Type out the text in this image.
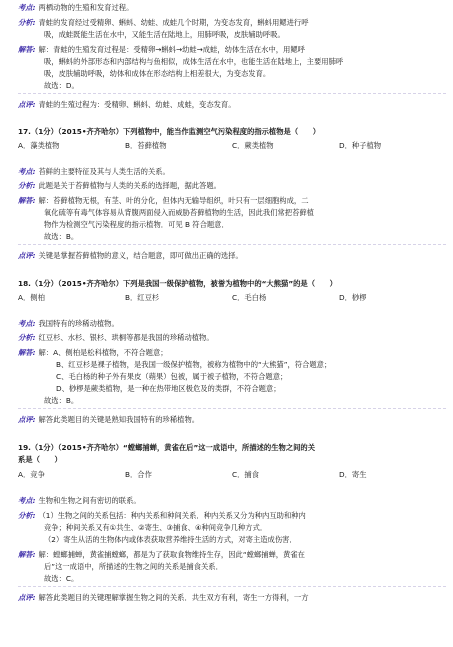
考点: 两栖动物的生殖和发育过程。
分析: 青蛙的发育经过受精卵、蝌蚪、幼蛙、成蛙几个时期，为变态发育，蝌蚪用鳃进行呼
吸，成蛙既能生活在水中，又能生活在陆地上，用肺呼吸，皮肤辅助呼吸。
解答: 解：青蛙的生殖发育过程是：受精卵→蝌蚪→幼蛙→成蛙，幼体生活在水中，用鳃呼
吸，蝌蚪的外部形态和内部结构与鱼相似，成体生活在水中，也能生活在陆地上，主要用肺呼
吸，皮肤辅助呼吸，幼体和成体在形态结构上相差很大，为变态发育。
故选：D。
点评: 青蛙的生殖过程为：受精卵、蝌蚪、幼蛙、成蛙，变态发育。
17.（1分）（2015•齐齐哈尔）下列植物中，能当作监测空气污染程度的指示植物是（　　）
A．藻类植物	B．苔藓植物	C．蕨类植物	D．种子植物
考点: 苔鲜的主要特征及其与人类生活的关系。
分析: 此题是关于苔藓植物与人类的关系的选择题，据此答题。
解答: 解：苔藓植物无根，有茎、叶的分化，但体内无输导组织，叶只有一层细胞构成，二
氧化硫等有毒气体容易从背腹两面侵入而威胁苔藓植物的生活，因此我们常把苔藓植
物作为检测空气污染程度的指示植物．可见 B 符合题意．
故选：B。
点评: 关键是掌握苔藓植物的意义，结合题意，即可做出正确的选择。
18.（1分）（2015•齐齐哈尔）下列是我国一级保护植物，被誉为植物中的“大熊猫”的是（　　）
A．侧柏	B．红豆杉	C．毛白杨	D．桫椤
考点: 我国特有的珍稀动植物。
分析: 红豆杉、水杉、银杉、珙桐等都是我国的珍稀动植物。
解答: 解：A、侧柏是松科植物，不符合题意；
B、红豆杉是裸子植物，是我国一级保护植物，被称为植物中的“大熊猫”，符合题意；
C、毛白杨的种子外有果皮（蒴果）包被，属于被子植物，不符合题意；
D、桫椤是蕨类植物，是一种在热带地区极危及的类群，不符合题意；
故选：B。
点评: 解答此类题目的关键是熟知我国特有的珍稀植物。
19.（1分）（2015•齐齐哈尔）“螳螂捕蝉，黄雀在后”这一成语中，所描述的生物之间的关
系是（　　）
A．竞争	B．合作	C．捕食	D．寄生
考点: 生物和生物之间有密切的联系。
分析: （1）生物之间的关系包括：种内关系和种间关系．种内关系又分为种内互助和种内
竞争；种间关系又有①共生、②寄生、③捕食、④种间竞争几种方式．
（2）寄生从活的生物体内或体表获取营养维持生活的方式，对寄主造成伤害．
解答: 解：螳螂捕蝉，黄雀捕螳螂，都是为了获取食物维持生存，因此“螳螂捕蝉，黄雀在
后”这一成语中，所描述的生物之间的关系是捕食关系．
故选：C。
点评: 解答此类题目的关键理解掌握生物之间的关系．共生双方有利，寄生一方得利，一方
